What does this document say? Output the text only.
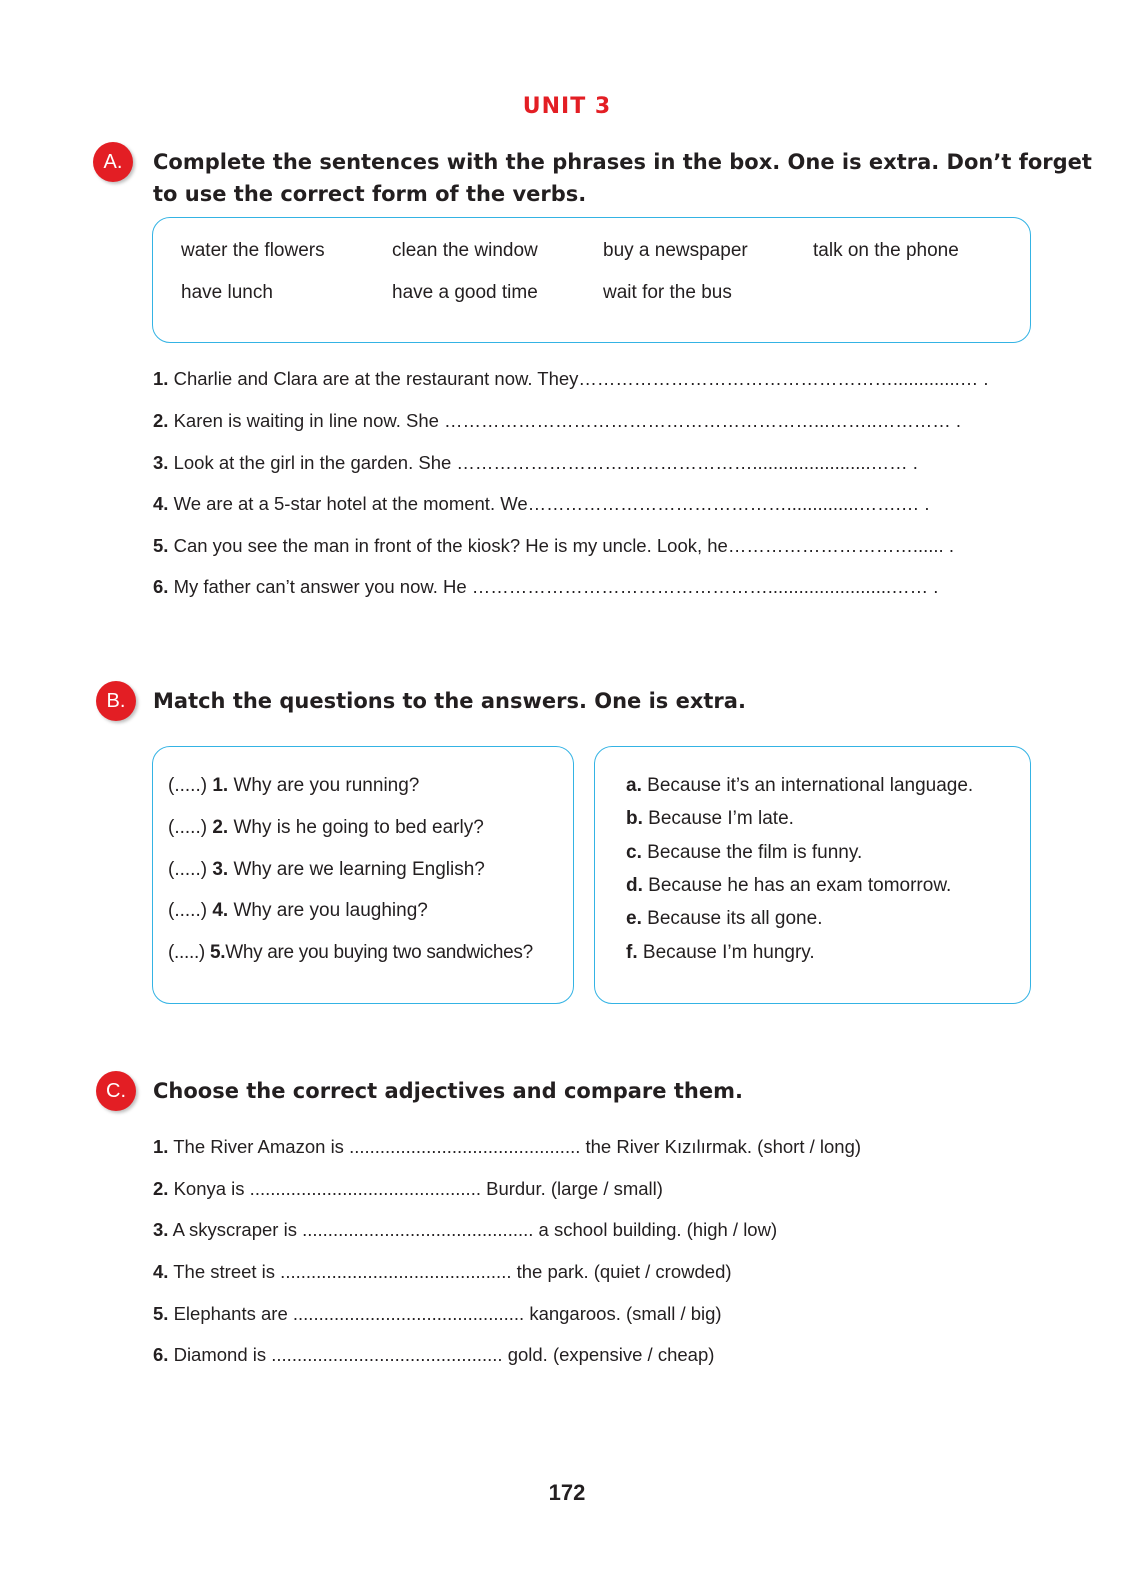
UNIT 3
A.	Complete the sentences with the phrases in the box. One is extra. Don’t forget
to use the correct form of the verbs.
water the flowers	clean the window	buy a newspaper	talk on the phone
have lunch	have a good time	wait for the bus
1. Charlie and Clara are at the restaurant now. They…………………………………………….............… .
2. Karen is waiting in line now. She ……………………………………………………...……..………… .
3. Look at the girl in the garden. She ………………………………………….......................…… .
4. We are at a 5-star hotel at the moment. We……………………………………..............…….… .
5. Can you see the man in front of the kiosk? He is my uncle. Look, he…………………………...... .
6. My father can’t answer you now. He …………………………………………........................…… .
B.	Match the questions to the answers. One is extra.
(.....) 1. Why are you running?
(.....) 2. Why is he going to bed early?
(.....) 3. Why are we learning English?
(.....) 4. Why are you laughing?
(.....) 5.Why are you buying two sandwiches?
a. Because it’s an international language.
b. Because I’m late.
c. Because the film is funny.
d. Because he has an exam tomorrow.
e. Because its all gone.
f. Because I’m hungry.
C.	Choose the correct adjectives and compare them.
1. The River Amazon is ............................................. the River Kızılırmak. (short / long)
2. Konya is ............................................. Burdur. (large / small)
3. A skyscraper is ............................................. a school building. (high / low)
4. The street is ............................................. the park. (quiet / crowded)
5. Elephants are ............................................. kangaroos. (small / big)
6. Diamond is ............................................. gold. (expensive / cheap)
172
